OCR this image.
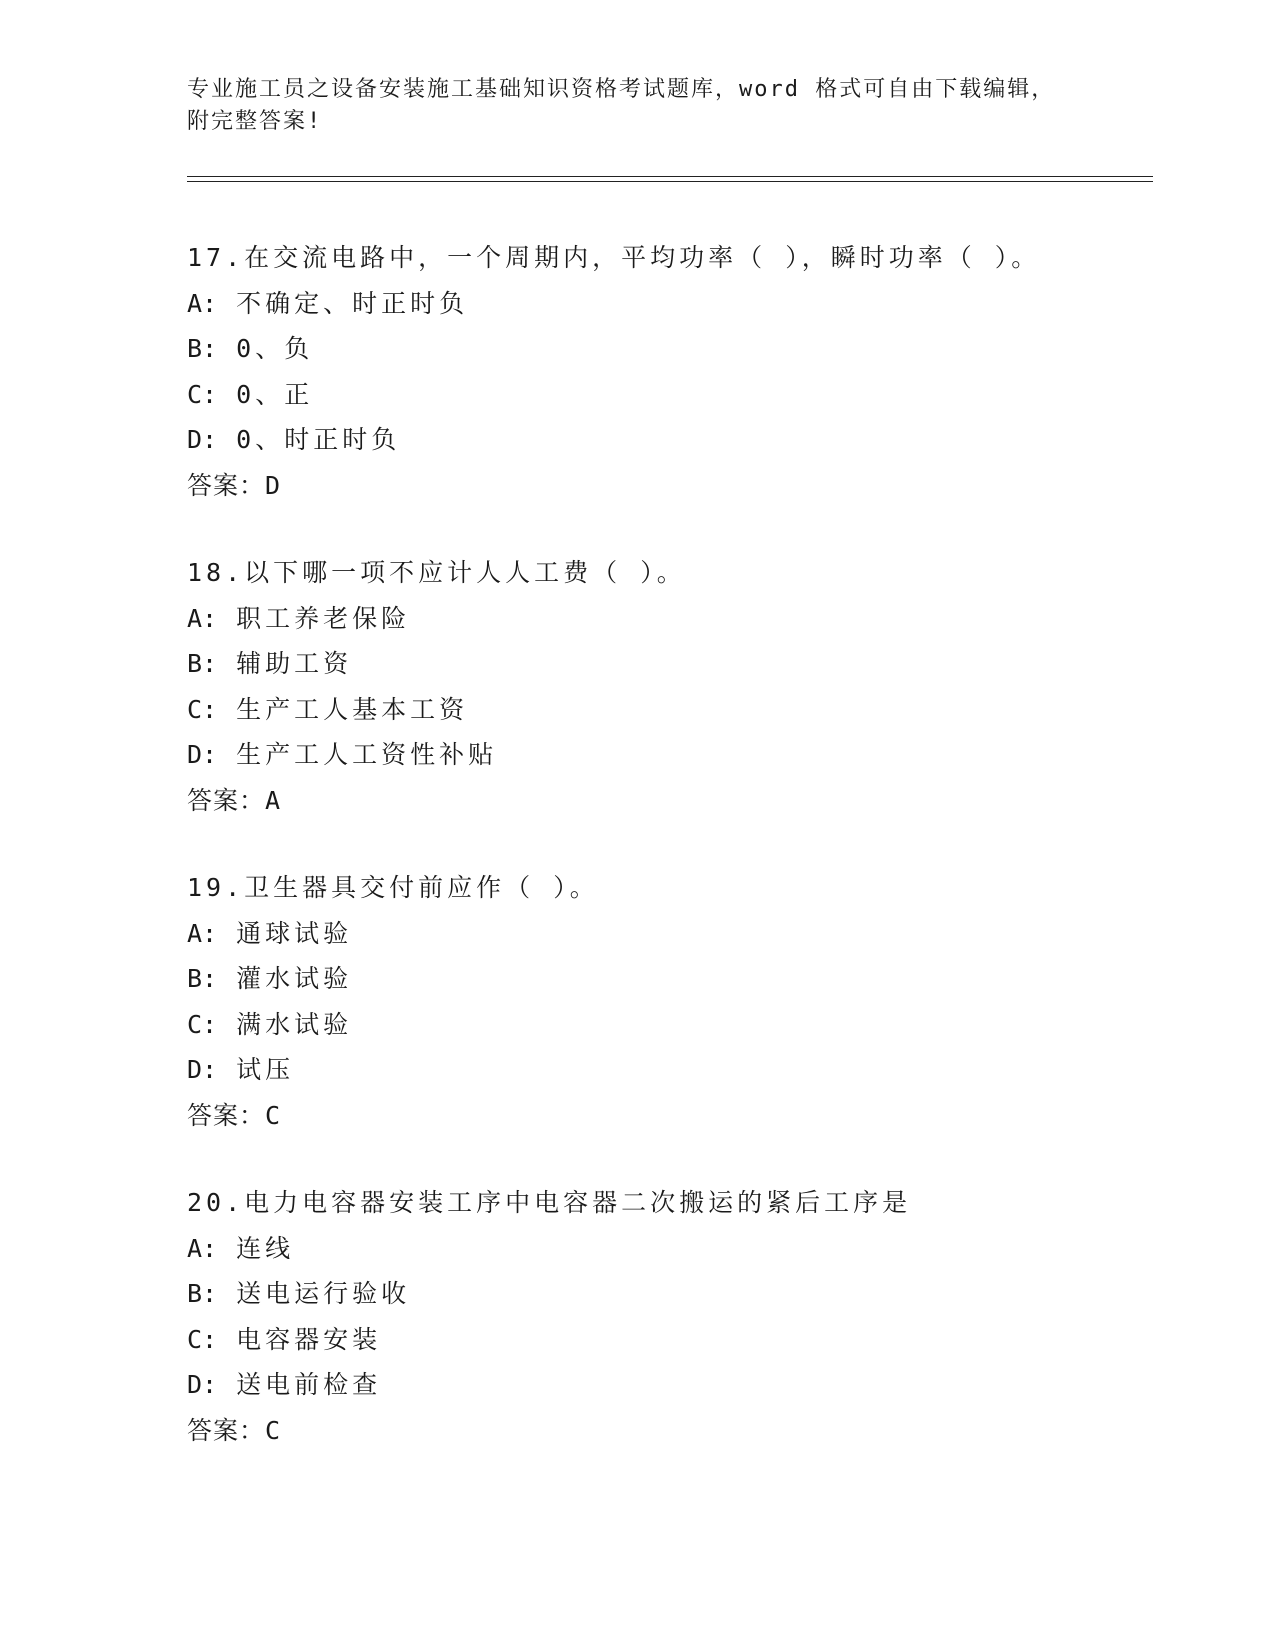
专业施工员之设备安装施工基础知识资格考试题库，word 格式可自由下载编辑，
附完整答案!
17.在交流电路中，一个周期内，平均功率（ ），瞬时功率（ ）。
A: 不确定、时正时负
B: 0、负
C: 0、正
D: 0、时正时负
答案：D
18.以下哪一项不应计人人工费（ ）。
A: 职工养老保险
B: 辅助工资
C: 生产工人基本工资
D: 生产工人工资性补贴
答案：A
19.卫生器具交付前应作（ ）。
A: 通球试验
B: 灌水试验
C: 满水试验
D: 试压
答案：C
20.电力电容器安装工序中电容器二次搬运的紧后工序是
A: 连线
B: 送电运行验收
C: 电容器安装
D: 送电前检查
答案：C
